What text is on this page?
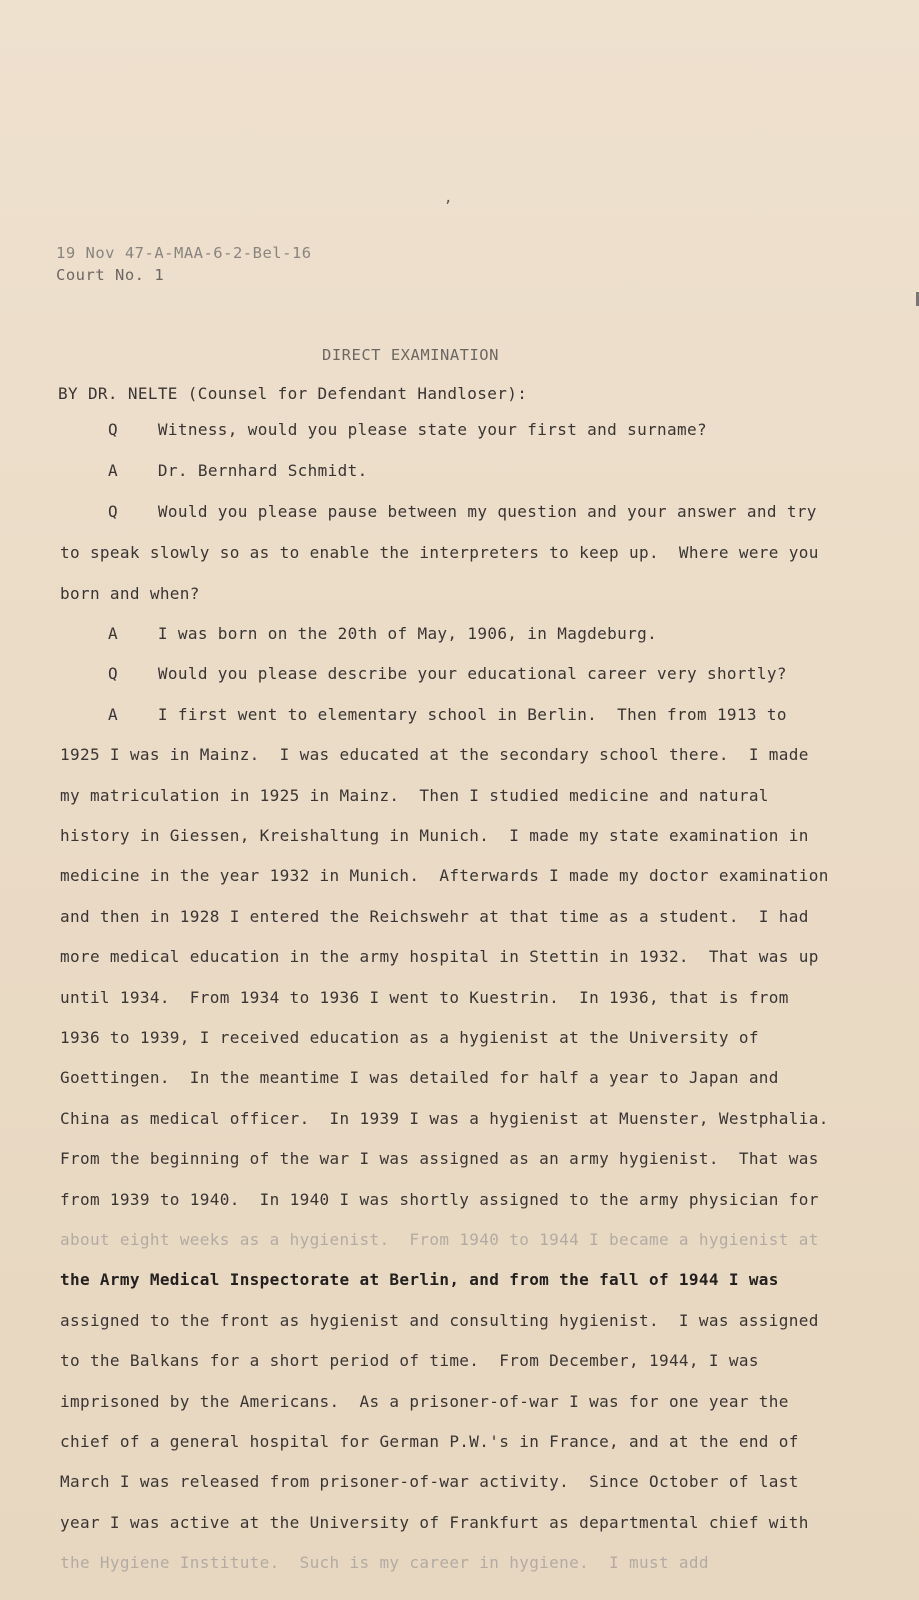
,
19 Nov 47-A-MAA-6-2-Bel-16
Court No. 1
DIRECT EXAMINATION
BY DR. NELTE (Counsel for Defendant Handloser):
Q    Witness, would you please state your first and surname?
A    Dr. Bernhard Schmidt.
Q    Would you please pause between my question and your answer and try
to speak slowly so as to enable the interpreters to keep up.  Where were you
born and when?
A    I was born on the 20th of May, 1906, in Magdeburg.
Q    Would you please describe your educational career very shortly?
A    I first went to elementary school in Berlin.  Then from 1913 to
1925 I was in Mainz.  I was educated at the secondary school there.  I made
my matriculation in 1925 in Mainz.  Then I studied medicine and natural
history in Giessen, Kreishaltung in Munich.  I made my state examination in
medicine in the year 1932 in Munich.  Afterwards I made my doctor examination
and then in 1928 I entered the Reichswehr at that time as a student.  I had
more medical education in the army hospital in Stettin in 1932.  That was up
until 1934.  From 1934 to 1936 I went to Kuestrin.  In 1936, that is from
1936 to 1939, I received education as a hygienist at the University of
Goettingen.  In the meantime I was detailed for half a year to Japan and
China as medical officer.  In 1939 I was a hygienist at Muenster, Westphalia.
From the beginning of the war I was assigned as an army hygienist.  That was
from 1939 to 1940.  In 1940 I was shortly assigned to the army physician for
about eight weeks as a hygienist.  From 1940 to 1944 I became a hygienist at
the Army Medical Inspectorate at Berlin, and from the fall of 1944 I was
assigned to the front as hygienist and consulting hygienist.  I was assigned
to the Balkans for a short period of time.  From December, 1944, I was
imprisoned by the Americans.  As a prisoner-of-war I was for one year the
chief of a general hospital for German P.W.'s in France, and at the end of
March I was released from prisoner-of-war activity.  Since October of last
year I was active at the University of Frankfurt as departmental chief with
the Hygiene Institute.  Such is my career in hygiene.  I must add
